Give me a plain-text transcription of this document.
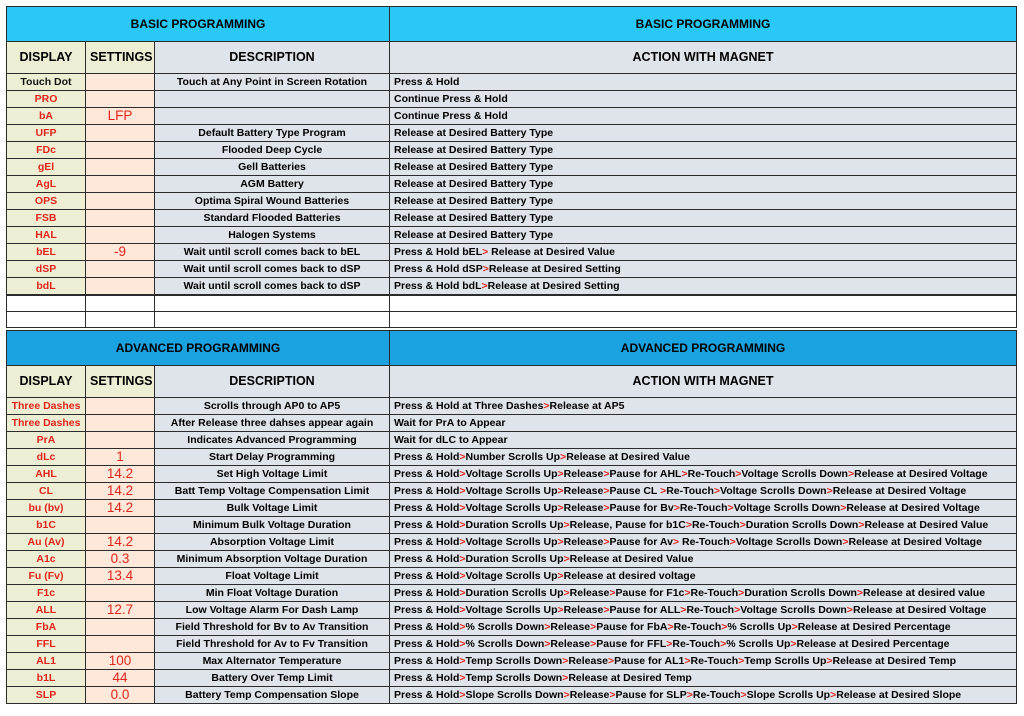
BASIC PROGRAMMING			BASIC PROGRAMMING
DISPLAY	SETTINGS	DESCRIPTION	ACTION WITH MAGNET
Touch Dot		Touch at Any Point in Screen Rotation	Press & Hold
PRO			Continue Press & Hold
bA	LFP		Continue Press & Hold
UFP		Default Battery Type Program	Release at Desired Battery Type
FDc		Flooded Deep Cycle	Release at Desired Battery Type
gEl		Gell Batteries	Release at Desired Battery Type
AgL		AGM Battery	Release at Desired Battery Type
OPS		Optima Spiral Wound Batteries	Release at Desired Battery Type
FSB		Standard Flooded Batteries	Release at Desired Battery Type
HAL		Halogen Systems	Release at Desired Battery Type
bEL	-9	Wait until scroll comes back to bEL	Press & Hold bEL> Release at Desired Value
dSP		Wait until scroll comes back to dSP	Press & Hold dSP>Release at Desired Setting
bdL		Wait until scroll comes back to dSP	Press & Hold bdL>Release at Desired Setting

ADVANCED PROGRAMMING			ADVANCED PROGRAMMING
DISPLAY	SETTINGS	DESCRIPTION	ACTION WITH MAGNET
Three Dashes		Scrolls through AP0 to AP5	Press & Hold at Three Dashes>Release at AP5
Three Dashes		After Release three dahses appear again	Wait for PrA to Appear
PrA		Indicates Advanced Programming	Wait for dLC to Appear
dLc	1	Start Delay Programming	Press & Hold>Number Scrolls Up>Release at Desired Value
AHL	14.2	Set High Voltage Limit	Press & Hold>Voltage Scrolls Up>Release>Pause for AHL>Re-Touch>Voltage Scrolls Down>Release at Desired Voltage
CL	14.2	Batt Temp Voltage Compensation Limit	Press & Hold>Voltage Scrolls Up>Release>Pause CL >Re-Touch>Voltage Scrolls Down>Release at Desired Voltage
bu (bv)	14.2	Bulk Voltage Limit	Press & Hold>Voltage Scrolls Up>Release>Pause for Bv>Re-Touch>Voltage Scrolls Down>Release at Desired Voltage
b1C		Minimum Bulk Voltage Duration	Press & Hold>Duration Scrolls Up>Release, Pause for b1C>Re-Touch>Duration Scrolls Down>Release at Desired Value
Au (Av)	14.2	Absorption Voltage Limit	Press & Hold>Voltage Scrolls Up>Release>Pause for Av> Re-Touch>Voltage Scrolls Down>Release at Desired Voltage
A1c	0.3	Minimum Absorption Voltage Duration	Press & Hold>Duration Scrolls Up>Release at Desired Value
Fu (Fv)	13.4	Float Voltage Limit	Press & Hold>Voltage Scrolls Up>Release at desired voltage
F1c		Min Float Voltage Duration	Press & Hold>Duration Scrolls Up>Release>Pause for F1c>Re-Touch>Duration Scrolls Down>Release at desired value
ALL	12.7	Low Voltage Alarm For Dash Lamp	Press & Hold>Voltage Scrolls Up>Release>Pause for ALL>Re-Touch>Voltage Scrolls Down>Release at Desired Voltage
FbA		Field Threshold for Bv to Av Transition	Press & Hold>% Scrolls Down>Release>Pause for FbA>Re-Touch>% Scrolls Up>Release at Desired Percentage
FFL		Field Threshold for Av to Fv Transition	Press & Hold>% Scrolls Down>Release>Pause for FFL>Re-Touch>% Scrolls Up>Release at Desired Percentage
AL1	100	Max Alternator Temperature	Press & Hold>Temp Scrolls Down>Release>Pause for AL1>Re-Touch>Temp Scrolls Up>Release at Desired Temp
b1L	44	Battery Over Temp Limit	Press & Hold>Temp Scrolls Down>Release at Desired Temp
SLP	0.0	Battery Temp Compensation Slope	Press & Hold>Slope Scrolls Down>Release>Pause for SLP>Re-Touch>Slope Scrolls Up>Release at Desired Slope
